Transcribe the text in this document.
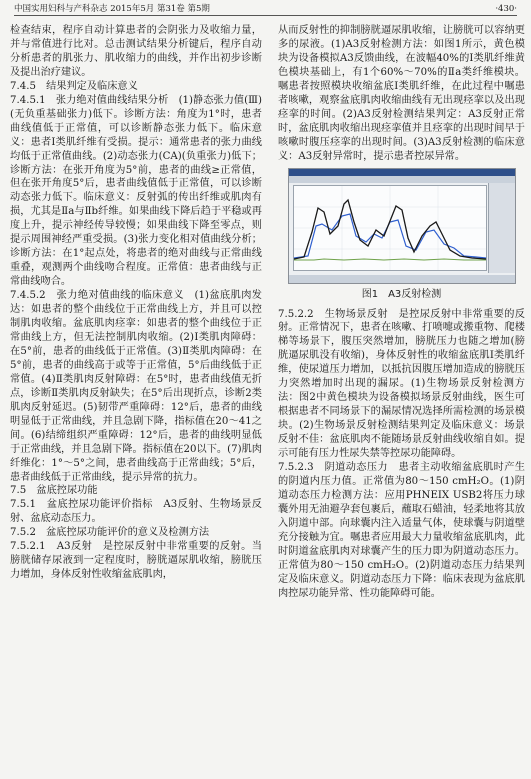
中国实用妇科与产科杂志 2015年5月 第31卷 第5期	·430·

检查结束，程序自动计算患者的会阴张力及收缩力量，并与常值进行比对。总击测试结果分析键后，程序自动分析患者的肌张力、肌收缩力的曲线，并作出初步诊断及提出治疗建议。

7.4.5　结果判定及临床意义

7.4.5.1　张力绝对值曲线结果分析　(1)静态张力值(Ⅲ)(无负重基础张力)低下。诊断方法：角度为1°时，患者曲线值低于正常值，可以诊断静态张力低下。临床意义：患者Ⅰ类肌纤维有受损。提示：通常患者的张力曲线均低于正常值曲线。(2)动态张力(CA)(负重张力)低下；诊断方法：在张开角度为5°前，患者的曲线≥正常值，但在张开角度5°后，患者曲线值低于正常值，可以诊断动态张力低下。临床意义：反射弧的传出纤维或肌肉有损，尤其是Ⅱa与Ⅱb纤维。如果曲线下降后趋于平稳或再度上升，提示神经传导较慢；如果曲线下降至零点，则提示周围神经严重受损。(3)张力变化相对值曲线分析；诊断方法：在1°起点处，将患者的绝对曲线与正常曲线重叠，观测两个曲线吻合程度。正常值：患者曲线与正常曲线吻合。

7.4.5.2　张力绝对值曲线的临床意义　(1)盆底肌肉发达：如患者的整个曲线位于正常曲线上方，并且可以控制肌肉收缩。盆底肌肉痉挛：如患者的整个曲线位于正常曲线上方，但无法控制肌肉收缩。(2)Ⅰ类肌肉障碍：在5°前，患者的曲线低于正常值。(3)Ⅱ类肌肉障碍：在5°前，患者的曲线高于或等于正常值，5°后曲线低于正常值。(4)Ⅱ类肌肉反射障碍：在5°时，患者曲线值无折点，诊断Ⅱ类肌肉反射缺失；在5°后出现折点，诊断2类肌肉反射延迟。(5)韧带严重障碍：12°后，患者的曲线明显低于正常曲线，并且急剧下降，指标值在20～41之间。(6)结缔组织严重障碍：12°后，患者的曲线明显低于正常曲线，并且急剧下降。指标值在20以下。(7)肌肉纤维化：1°～5°之间，患者曲线高于正常曲线；5°后，患者曲线低于正常曲线，提示异常的抗力。

7.5　盆底控尿功能

7.5.1　盆底控尿功能评价指标　A3反射、生物场景反射、盆底动态压力。

7.5.2　盆底控尿功能评价的意义及检测方法

7.5.2.1　A3反射　是控尿反射中非常重要的反射。当膀胱储存尿液到一定程度时，膀胱逼尿肌收缩，膀胱压力增加，身体反射性收缩盆底肌肉，

从而反射性的抑制膀胱逼尿肌收缩，让膀胱可以容纳更多的尿液。(1)A3反射检测方法：如图1所示，黄色模块为设备模拟A3反馈曲线，在波幅40%的Ⅰ类肌纤维黄色模块基础上，有1个60%～70%的Ⅱa类纤维模块。嘱患者按照模块收缩盆底Ⅰ类肌纤维，在此过程中嘱患者咳嗽，观察盆底肌肉收缩曲线有无出现痉挛以及出现痉挛的时间。(2)A3反射检测结果判定：A3反射正常时，盆底肌肉收缩出现痉挛值并且痉挛的出现时间早于咳嗽时腹压痉挛的出现时间。(3)A3反射检测的临床意义：A3反射异常时，提示患者控尿异常。

图1　A3反射检测

7.5.2.2　生物场景反射　是控尿反射中非常重要的反射。正常情况下，患者在咳嗽、打喷嚏或搬重物、爬楼梯等场景下，腹压突然增加，膀胱压力也随之增加(膀胱逼尿肌没有收缩)，身体反射性的收缩盆底肌Ⅰ类肌纤维，使尿道压力增加，以抵抗因腹压增加造成的膀胱压力突然增加时出现的漏尿。(1)生物场景反射检测方法：图2中黄色模块为设备模拟场景反射曲线，医生可根据患者不同场景下的漏尿情况选择所需检测的场景模块。(2)生物场景反射检测结果判定及临床意义：场景反射不佳：盆底肌肉不能随场景反射曲线收缩自如。提示可能有压力性尿失禁等控尿功能障碍。

7.5.2.3　阴道动态压力　患者主动收缩盆底肌时产生的阴道内压力值。正常值为80～150 cmH₂O。(1)阴道动态压力检测方法：应用PHNEIX USB2将压力球囊外用无油避孕套包裹后，蘸取石蜡油，轻柔地将其放入阴道中部。向球囊内注入适量气体，使球囊与阴道壁充分接触为宜。嘱患者应用最大力量收缩盆底肌肉，此时阴道盆底肌肉对球囊产生的压力即为阴道动态压力。正常值为80～150 cmH₂O。(2)阴道动态压力结果判定及临床意义。阴道动态压力下降：临床表现为盆底肌肉控尿功能异常、性功能障碍可能。
